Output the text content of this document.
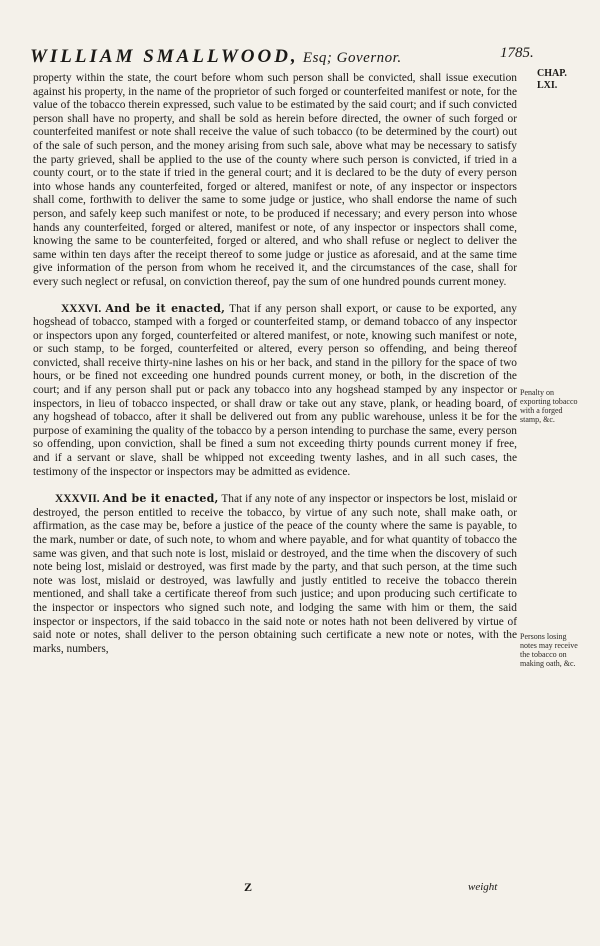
WILLIAM SMALLWOOD, Esq; Governor.	1785.
CHAP.
LXI.

property within the state, the court before whom such person shall be convicted, shall issue execution against his property, in the name of the proprietor of such forged or counterfeited manifest or note, for the value of the tobacco therein expressed, such value to be estimated by the said court; and if such convicted person shall have no property, and shall be sold as herein before directed, the owner of such forged or counterfeited manifest or note shall receive the value of such tobacco (to be determined by the court) out of the sale of such person, and the money arising from such sale, above what may be necessary to satisfy the party grieved, shall be applied to the use of the county where such person is convicted, if tried in a county court, or to the state if tried in the general court; and it is declared to be the duty of every person into whose hands any counterfeited, forged or altered, manifest or note, of any inspector or inspectors shall come, forthwith to deliver the same to some judge or justice, who shall endorse the name of such person, and safely keep such manifest or note, to be produced if necessary; and every person into whose hands any counterfeited, forged or altered, manifest or note, of any inspector or inspectors shall come, knowing the same to be counterfeited, forged or altered, and who shall refuse or neglect to deliver the same within ten days after the receipt thereof to some judge or justice as aforesaid, and at the same time give information of the person from whom he received it, and the circumstances of the case, shall for every such neglect or refusal, on conviction thereof, pay the sum of one hundred pounds current money.

XXXVI. And be it enacted, That if any person shall export, or cause to be exported, any hogshead of tobacco, stamped with a forged or counterfeited stamp, or demand tobacco of any inspector or inspectors upon any forged, counterfeited or altered manifest, or note, knowing such manifest or note, or such stamp, to be forged, counterfeited or altered, every person so offending, and being thereof convicted, shall receive thirty-nine lashes on his or her back, and stand in the pillory for the space of two hours, or be fined not exceeding one hundred pounds current money, or both, in the discretion of the court; and if any person shall put or pack any tobacco into any hogshead stamped by any inspector or inspectors, in lieu of tobacco inspected, or shall draw or take out any stave, plank, or heading board, of any hogshead of tobacco, after it shall be delivered out from any public warehouse, unless it be for the purpose of examining the quality of the tobacco by a person intending to purchase the same, every person so offending, upon conviction, shall be fined a sum not exceeding thirty pounds current money if free, and if a servant or slave, shall be whipped not exceeding twenty lashes, and in all such cases, the testimony of the inspector or inspectors may be admitted as evidence.

XXXVII. And be it enacted, That if any note of any inspector or inspectors be lost, mislaid or destroyed, the person entitled to receive the tobacco, by virtue of any such note, shall make oath, or affirmation, as the case may be, before a justice of the peace of the county where the same is payable, to the mark, number or date, of such note, to whom and where payable, and for what quantity of tobacco the same was given, and that such note is lost, mislaid or destroyed, and the time when the discovery of such note being lost, mislaid or destroyed, was first made by the party, and that such person, at the time such note was lost, mislaid or destroyed, was lawfully and justly entitled to receive the tobacco therein mentioned, and shall take a certificate thereof from such justice; and upon producing such certificate to the inspector or inspectors who signed such note, and lodging the same with him or them, the said inspector or inspectors, if the said tobacco in the said note or notes hath not been delivered by virtue of said note or notes, shall deliver to the person obtaining such certificate a new note or notes, with the marks, numbers,

Penalty on exporting tobacco with a forged stamp, &c.
Persons losing notes may receive the tobacco on making oath, &c.
Z	weight
